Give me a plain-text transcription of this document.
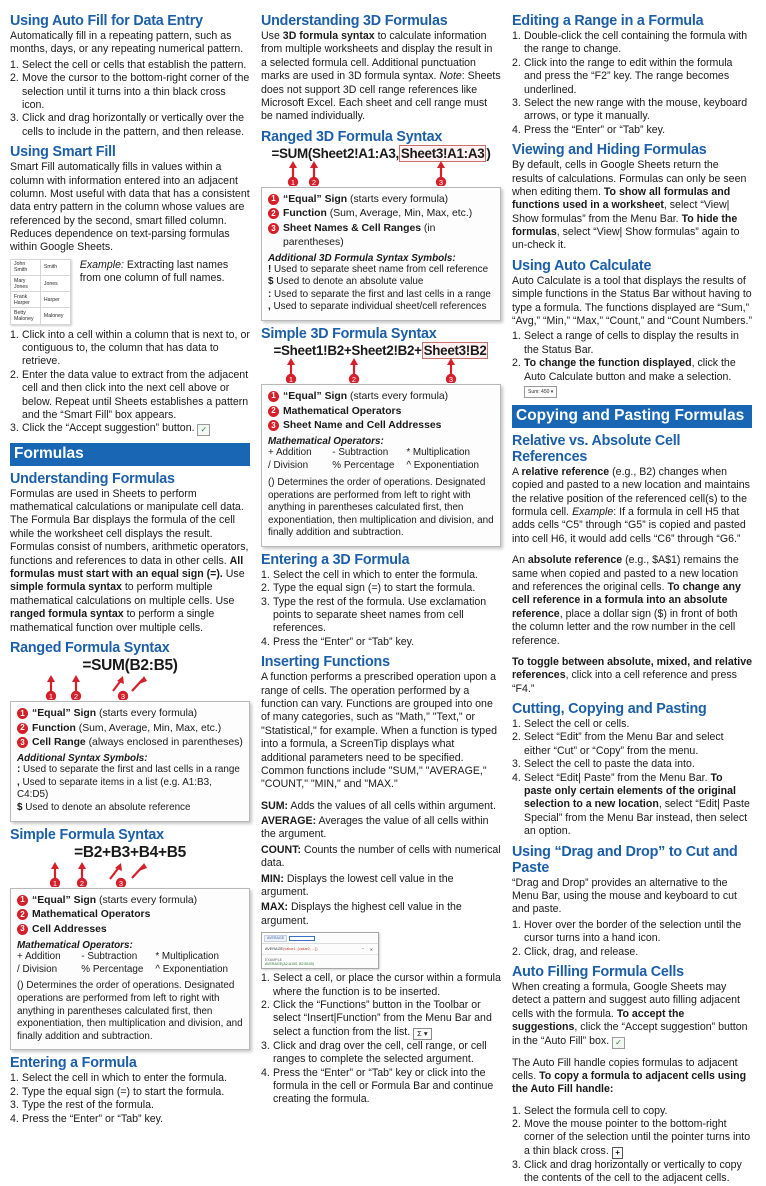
Using Auto Fill for Data Entry

Automatically fill in a repeating pattern, such as months, days, or any repeating numerical pattern.

Select the cell or cells that establish the pattern.
Move the cursor to the bottom-right corner of the selection until it turns into a thin black cross icon.
Click and drag horizontally or vertically over the cells to include in the pattern, and then release.
Using Smart Fill

Smart Fill automatically fills in values within a column with information entered into an adjacent column. Most useful with data that has a consistent data entry pattern in the column whose values are referenced by the second, smart filled column. Reduces dependence on text-parsing formulas within Google Sheets.

John Smith	Smith
Mary Jones	Jones
Frank Harper	Harper
Betty Maloney	Maloney
Example: Extracting last names from one column of full names.
Click into a cell within a column that is next to, or contiguous to, the column that has data to retrieve.
Enter the data value to extract from the adjacent cell and then click into the next cell above or below. Repeat until Sheets establishes a pattern and the “Smart Fill” box appears.
Click the “Accept suggestion” button. ✓
Formulas
Understanding Formulas

Formulas are used in Sheets to perform mathematical calculations or manipulate cell data. The Formula Bar displays the formula of the cell while the worksheet cell displays the result. Formulas consist of numbers, arithmetic operators, functions and references to data in other cells. All formulas must start with an equal sign (=). Use simple formula syntax to perform multiple mathematical calculations on multiple cells. Use ranged formula syntax to perform a single mathematical function over multiple cells.

Ranged Formula Syntax
=SUM(B2:B5)
1	2	3
1 “Equal” Sign (starts every formula)
2 Function (Sum, Average, Min, Max, etc.)
3 Cell Range (always enclosed in parentheses)
Additional Syntax Symbols:
: Used to separate the first and last cells in a range
, Used to separate items in a list (e.g. A1:B3, C4:D5)
$ Used to denote an absolute reference
Simple Formula Syntax
=B2+B3+B4+B5
1	2	3
1 “Equal” Sign (starts every formula)
2 Mathematical Operators
3 Cell Addresses
Mathematical Operators:
+ Addition	- Subtraction	* Multiplication
/ Division	% Percentage	^ Exponentiation
() Determines the order of operations. Designated operations are performed from left to right with anything in parentheses calculated first, then exponentiation, then multiplication and division, and finally addition and subtraction.
Entering a Formula
Select the cell in which to enter the formula.
Type the equal sign (=) to start the formula.
Type the rest of the formula.
Press the “Enter” or “Tab” key.
Understanding 3D Formulas

Use 3D formula syntax to calculate information from multiple worksheets and display the result in a selected formula cell. Additional punctuation marks are used in 3D formula syntax. Note: Sheets does not support 3D cell range references like Microsoft Excel. Each sheet and cell range must be named individually.

Ranged 3D Formula Syntax
=SUM(Sheet2!A1:A3, Sheet3!A1:A3 )
1 2	3
1 “Equal” Sign (starts every formula)
2 Function (Sum, Average, Min, Max, etc.)
3 Sheet Names & Cell Ranges (in parentheses)
Additional 3D Formula Syntax Symbols:
! Used to separate sheet name from cell reference
$ Used to denote an absolute value
: Used to separate the first and last cells in a range
, Used to separate individual sheet/cell references
Simple 3D Formula Syntax
=Sheet1!B2+Sheet2!B2+ Sheet3!B2
1	2	3
1 “Equal” Sign (starts every formula)
2 Mathematical Operators
3 Sheet Name and Cell Addresses
Mathematical Operators:
+ Addition	- Subtraction	* Multiplication
/ Division	% Percentage	^ Exponentiation
() Determines the order of operations. Designated operations are performed from left to right with anything in parentheses calculated first, then exponentiation, then multiplication and division, and finally addition and subtraction.
Entering a 3D Formula
Select the cell in which to enter the formula.
Type the equal sign (=) to start the formula.
Type the rest of the formula. Use exclamation points to separate sheet names from cell references.
Press the “Enter” or “Tab” key.
Inserting Functions

A function performs a prescribed operation upon a range of cells. The operation performed by a function can vary. Functions are grouped into one of many categories, such as "Math," "Text," or "Statistical," for example. When a function is typed into a formula, a ScreenTip displays what additional parameters need to be specified. Common functions include "SUM," "AVERAGE," "COUNT," "MIN," and "MAX."

SUM: Adds the values of all cells within argument.

AVERAGE: Averages the value of all cells within the argument.

COUNT: Counts the number of cells with numerical data.

MIN: Displays the lowest cell value in the argument.

MAX: Displays the highest cell value in the argument.

AVERAGE
AVERAGE(value1, [value2, ...])	⌃ ✕
EXAMPLE
AVERAGE(A2:A100, B2:B100)
Select a cell, or place the cursor within a formula where the function is to be inserted.
Click the “Functions” button in the Toolbar or select “Insert|Function” from the Menu Bar and select a function from the list. Σ ▾
Click and drag over the cell, cell range, or cell ranges to complete the selected argument.
Press the “Enter” or “Tab” key or click into the formula in the cell or Formula Bar and continue creating the formula.
Editing a Range in a Formula
Double-click the cell containing the formula with the range to change.
Click into the range to edit within the formula and press the “F2” key. The range becomes underlined.
Select the new range with the mouse, keyboard arrows, or type it manually.
Press the “Enter” or “Tab” key.
Viewing and Hiding Formulas

By default, cells in Google Sheets return the results of calculations. Formulas can only be seen when editing them. To show all formulas and functions used in a worksheet, select “View| Show formulas” from the Menu Bar. To hide the formulas, select “View| Show formulas” again to un-check it.

Using Auto Calculate

Auto Calculate is a tool that displays the results of simple functions in the Status Bar without having to type a formula. The functions displayed are “Sum,” “Avg,” “Min,” “Max,” “Count,” and “Count Numbers.”

Select a range of cells to display the results in the Status Bar.
To change the function displayed, click the Auto Calculate button and make a selection. Sum: 450 ▾
Copying and Pasting Formulas
Relative vs. Absolute Cell References

A relative reference (e.g., B2) changes when copied and pasted to a new location and maintains the relative position of the referenced cell(s) to the formula cell. Example: If a formula in cell H5 that adds cells “C5” through “G5” is copied and pasted into cell H6, it would add cells “C6” through “G6.”

An absolute reference (e.g., $A$1) remains the same when copied and pasted to a new location and references the original cells. To change any cell reference in a formula into an absolute reference, place a dollar sign ($) in front of both the column letter and the row number in the cell reference.

To toggle between absolute, mixed, and relative references, click into a cell reference and press “F4.”

Cutting, Copying and Pasting
Select the cell or cells.
Select “Edit” from the Menu Bar and select either “Cut” or “Copy” from the menu.
Select the cell to paste the data into.
Select “Edit| Paste” from the Menu Bar. To paste only certain elements of the original selection to a new location, select “Edit| Paste Special” from the Menu Bar instead, then select an option.
Using “Drag and Drop” to Cut and Paste

“Drag and Drop” provides an alternative to the Menu Bar, using the mouse and keyboard to cut and paste.

Hover over the border of the selection until the cursor turns into a hand icon.
Click, drag, and release.
Auto Filling Formula Cells

When creating a formula, Google Sheets may detect a pattern and suggest auto filling adjacent cells with the formula. To accept the suggestions, click the “Accept suggestion” button in the “Auto Fill” box. ✓

The Auto Fill handle copies formulas to adjacent cells. To copy a formula to adjacent cells using the Auto Fill handle:

Select the formula cell to copy.
Move the mouse pointer to the bottom-right corner of the selection until the pointer turns into a thin black cross. +
Click and drag horizontally or vertically to copy the contents of the cell to the adjacent cells.
